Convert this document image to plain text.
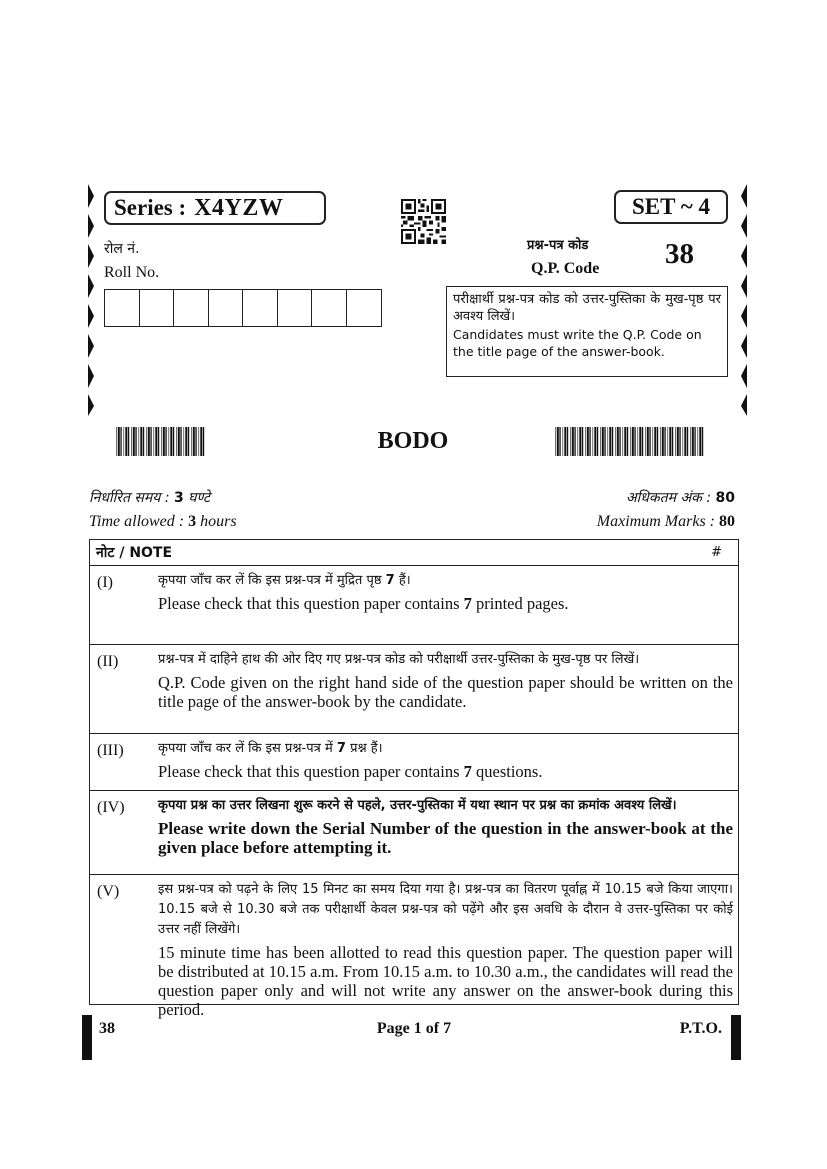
Series : X4YZW	SET ~ 4
रोल नं.
Roll No.
प्रश्न-पत्र कोड
Q.P. Code 38
परीक्षार्थी प्रश्न-पत्र कोड को उत्तर-पुस्तिका के मुख-पृष्ठ पर अवश्य लिखें।
Candidates must write the Q.P. Code on the title page of the answer-book.
BODO
निर्धारित समय : 3 घण्टे
Time allowed : 3 hours
अधिकतम अंक : 80
Maximum Marks : 80
नोट / NOTE	#
(I)	कृपया जाँच कर लें कि इस प्रश्न-पत्र में मुद्रित पृष्ठ 7 हैं।
Please check that this question paper contains 7 printed pages.
(II)	प्रश्न-पत्र में दाहिने हाथ की ओर दिए गए प्रश्न-पत्र कोड को परीक्षार्थी उत्तर-पुस्तिका के मुख-पृष्ठ पर लिखें।
Q.P. Code given on the right hand side of the question paper should be written on the title page of the answer-book by the candidate.
(III)	कृपया जाँच कर लें कि इस प्रश्न-पत्र में 7 प्रश्न हैं।
Please check that this question paper contains 7 questions.
(IV)	कृपया प्रश्न का उत्तर लिखना शुरू करने से पहले, उत्तर-पुस्तिका में यथा स्थान पर प्रश्न का क्रमांक अवश्य लिखें।
Please write down the Serial Number of the question in the answer-book at the given place before attempting it.
(V)	इस प्रश्न-पत्र को पढ़ने के लिए 15 मिनट का समय दिया गया है। प्रश्न-पत्र का वितरण पूर्वाह्न में 10.15 बजे किया जाएगा। 10.15 बजे से 10.30 बजे तक परीक्षार्थी केवल प्रश्न-पत्र को पढ़ेंगे और इस अवधि के दौरान वे उत्तर-पुस्तिका पर कोई उत्तर नहीं लिखेंगे।
15 minute time has been allotted to read this question paper. The question paper will be distributed at 10.15 a.m. From 10.15 a.m. to 10.30 a.m., the candidates will read the question paper only and will not write any answer on the answer-book during this period.
38	Page 1 of 7	P.T.O.
